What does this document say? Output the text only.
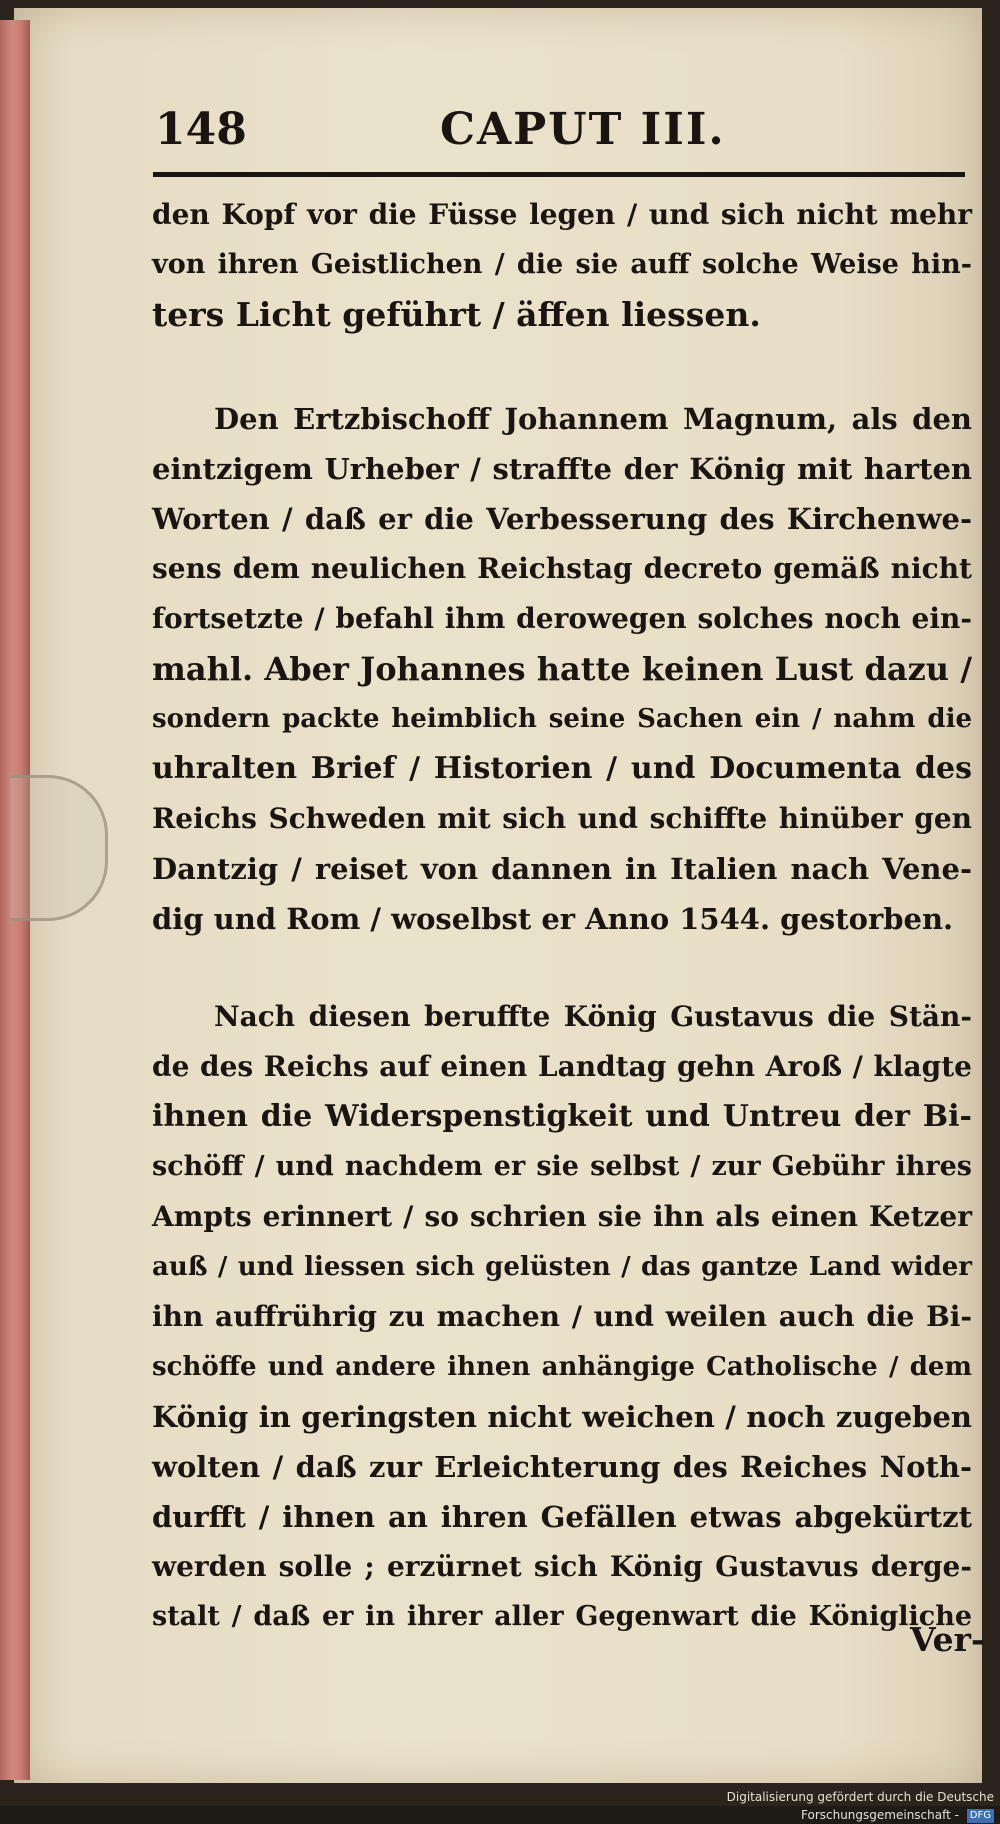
148	CAPUT III.
den Kopf vor die Füsse legen / und sich nicht mehr
von ihren Geistlichen / die sie auff solche Weise hin-
ters Licht geführt / äffen liessen.
Den Ertzbischoff Johannem Magnum, als den
eintzigem Urheber / straffte der König mit harten
Worten / daß er die Verbesserung des Kirchenwe-
sens dem neulichen Reichstag decreto gemäß nicht
fortsetzte / befahl ihm derowegen solches noch ein-
mahl. Aber Johannes hatte keinen Lust dazu /
sondern packte heimblich seine Sachen ein / nahm die
uhralten Brief / Historien / und Documenta des
Reichs Schweden mit sich und schiffte hinüber gen
Dantzig / reiset von dannen in Italien nach Vene-
dig und Rom / woselbst er Anno 1544. gestorben.
Nach diesen beruffte König Gustavus die Stän-
de des Reichs auf einen Landtag gehn Aroß / klagte
ihnen die Widerspenstigkeit und Untreu der Bi-
schöff / und nachdem er sie selbst / zur Gebühr ihres
Ampts erinnert / so schrien sie ihn als einen Ketzer
auß / und liessen sich gelüsten / das gantze Land wider
ihn auffrührig zu machen / und weilen auch die Bi-
schöffe und andere ihnen anhängige Catholische / dem
König in geringsten nicht weichen / noch zugeben
wolten / daß zur Erleichterung des Reiches Noth-
durfft / ihnen an ihren Gefällen etwas abgekürtzt
werden solle ; erzürnet sich König Gustavus derge-
stalt / daß er in ihrer aller Gegenwart die Königliche
Ver-
Digitalisierung gefördert durch die Deutsche Forschungsgemeinschaft - DFG
